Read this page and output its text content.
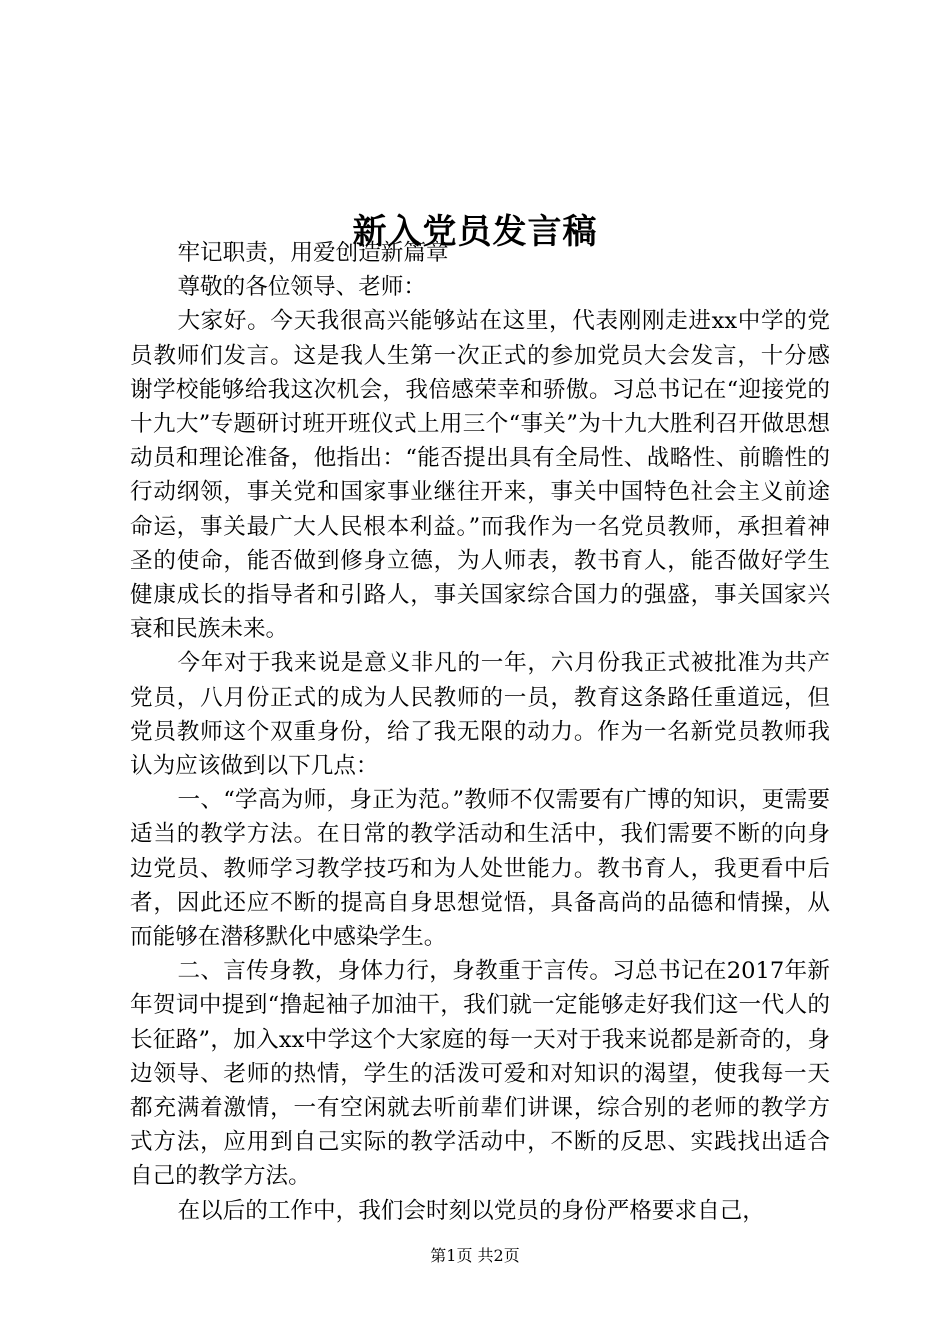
新入党员发言稿

牢记职责，用爱创造新篇章

尊敬的各位领导、老师：

大家好。今天我很高兴能够站在这里，代表刚刚走进xx中学的党员教师们发言。这是我人生第一次正式的参加党员大会发言，十分感谢学校能够给我这次机会，我倍感荣幸和骄傲。习总书记在“迎接党的十九大”专题研讨班开班仪式上用三个“事关”为十九大胜利召开做思想动员和理论准备，他指出：“能否提出具有全局性、战略性、前瞻性的行动纲领，事关党和国家事业继往开来，事关中国特色社会主义前途命运，事关最广大人民根本利益。”而我作为一名党员教师，承担着神圣的使命，能否做到修身立德，为人师表，教书育人，能否做好学生健康成长的指导者和引路人，事关国家综合国力的强盛，事关国家兴衰和民族未来。

今年对于我来说是意义非凡的一年，六月份我正式被批准为共产党员，八月份正式的成为人民教师的一员，教育这条路任重道远，但党员教师这个双重身份，给了我无限的动力。作为一名新党员教师我认为应该做到以下几点：

一、“学高为师，身正为范。”教师不仅需要有广博的知识，更需要适当的教学方法。在日常的教学活动和生活中，我们需要不断的向身边党员、教师学习教学技巧和为人处世能力。教书育人，我更看中后者，因此还应不断的提高自身思想觉悟，具备高尚的品德和情操，从而能够在潜移默化中感染学生。

二、言传身教，身体力行，身教重于言传。习总书记在2017年新年贺词中提到“撸起袖子加油干，我们就一定能够走好我们这一代人的长征路”，加入xx中学这个大家庭的每一天对于我来说都是新奇的，身边领导、老师的热情，学生的活泼可爱和对知识的渴望，使我每一天都充满着激情，一有空闲就去听前辈们讲课，综合别的老师的教学方式方法，应用到自己实际的教学活动中，不断的反思、实践找出适合自己的教学方法。

在以后的工作中，我们会时刻以党员的身份严格要求自己，

第1页 共2页
